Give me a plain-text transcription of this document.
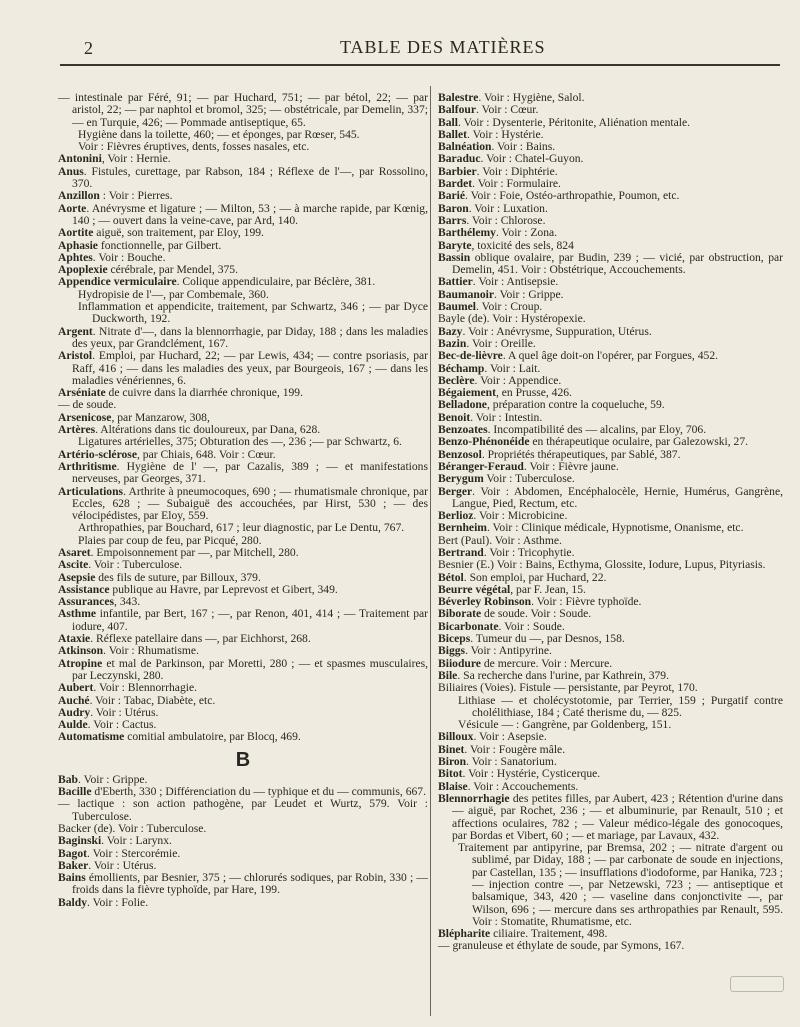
2	TABLE DES MATIÈRES

— intestinale par Féré, 91; — par Huchard, 751; — par bétol, 22; — par aristol, 22; — par naphtol et bromol, 325; — obstétricale, par Demelin, 337; — en Turquie, 426; — Pommade antiseptique, 65.

Hygiène dans la toilette, 460; — et éponges, par Rœser, 545.

Voir : Fièvres éruptives, dents, fosses nasales, etc.

Antonini, Voir : Hernie.

Anus. Fistules, curettage, par Rabson, 184 ; Réflexe de l'—, par Rossolino, 370.

Anzillon : Voir : Pierres.

Aorte. Anévrysme et ligature ; — Milton, 53 ; — à marche rapide, par Kœnig, 140 ; — ouvert dans la veine-cave, par Ard, 140.

Aortite aiguë, son traitement, par Eloy, 199.

Aphasie fonctionnelle, par Gilbert.

Aphtes. Voir : Bouche.

Apoplexie cérébrale, par Mendel, 375.

Appendice vermiculaire. Colique appendiculaire, par Béclère, 381.

Hydropisie de l'—, par Combemale, 360.

Inflammation et appendicite, traitement, par Schwartz, 346 ; — par Dyce Duckworth, 192.

Argent. Nitrate d'—, dans la blennorrhagie, par Diday, 188 ; dans les maladies des yeux, par Grandclément, 167.

Aristol. Emploi, par Huchard, 22; — par Lewis, 434; — contre psoriasis, par Raff, 416 ; — dans les maladies des yeux, par Bourgeois, 167 ; — dans les maladies vénériennes, 6.

Arséniate de cuivre dans la diarrhée chronique, 199.

— de soude.

Arsenicose, par Manzarow, 308,

Artères. Altérations dans tic douloureux, par Dana, 628.

Ligatures artérielles, 375; Obturation des —, 236 ;— par Schwartz, 6.

Artério-sclérose, par Chiais, 648. Voir : Cœur.

Arthritisme. Hygiène de l' —, par Cazalis, 389 ; — et manifestations nerveuses, par Georges, 371.

Articulations. Arthrite à pneumocoques, 690 ; — rhumatismale chronique, par Eccles, 628 ; — Subaiguë des accouchées, par Hirst, 530 ; — des vélocipédistes, par Eloy, 559.

Arthropathies, par Bouchard, 617 ; leur diagnostic, par Le Dentu, 767.

Plaies par coup de feu, par Picqué, 280.

Asaret. Empoisonnement par —, par Mitchell, 280.

Ascite. Voir : Tuberculose.

Asepsie des fils de suture, par Billoux, 379.

Assistance publique au Havre, par Leprevost et Gibert, 349.

Assurances, 343.

Asthme infantile, par Bert, 167 ; —, par Renon, 401, 414 ; — Traitement par iodure, 407.

Ataxie. Réflexe patellaire dans —, par Eichhorst, 268.

Atkinson. Voir : Rhumatisme.

Atropine et mal de Parkinson, par Moretti, 280 ; — et spasmes musculaires, par Leczynski, 280.

Aubert. Voir : Blennorrhagie.

Auché. Voir : Tabac, Diabète, etc.

Audry. Voir : Utérus.

Aulde. Voir : Cactus.

Automatisme comitial ambulatoire, par Blocq, 469.

B

Bab. Voir : Grippe.

Bacille d'Eberth, 330 ; Différenciation du — typhique et du — communis, 667.

— lactique : son action pathogène, par Leudet et Wurtz, 579. Voir : Tuberculose.

Backer (de). Voir : Tuberculose.

Baginski. Voir : Larynx.

Bagot. Voir : Stercorémie.

Baker. Voir : Utérus.

Bains émollients, par Besnier, 375 ; — chlorurés sodiques, par Robin, 330 ; — froids dans la fièvre typhoïde, par Hare, 199.

Baldy. Voir : Folie.

Balestre. Voir : Hygiène, Salol.

Balfour. Voir : Cœur.

Ball. Voir : Dysenterie, Péritonite, Aliénation mentale.

Ballet. Voir : Hystérie.

Balnéation. Voir : Bains.

Baraduc. Voir : Chatel-Guyon.

Barbier. Voir : Diphtérie.

Bardet. Voir : Formulaire.

Barié. Voir : Foie, Ostéo-arthropathie, Poumon, etc.

Baron. Voir : Luxation.

Barrs. Voir : Chlorose.

Barthélemy. Voir : Zona.

Baryte, toxicité des sels, 824

Bassin oblique ovalaire, par Budin, 239 ; — vicié, par obstruction, par Demelin, 451. Voir : Obstétrique, Accouchements.

Battier. Voir : Antisepsie.

Baumanoir. Voir : Grippe.

Baumel. Voir : Croup.

Bayle (de). Voir : Hystéropexie.

Bazy. Voir : Anévrysme, Suppuration, Utérus.

Bazin. Voir : Oreille.

Bec-de-lièvre. A quel âge doit-on l'opérer, par Forgues, 452.

Béchamp. Voir : Lait.

Beclère. Voir : Appendice.

Bégaiement, en Prusse, 426.

Belladone, préparation contre la coqueluche, 59.

Benoit. Voir : Intestin.

Benzoates. Incompatibilité des — alcalins, par Eloy, 706.

Benzo-Phénonéide en thérapeutique oculaire, par Galezowski, 27.

Benzosol. Propriétés thérapeutiques, par Sablé, 387.

Béranger-Feraud. Voir : Fièvre jaune.

Berygum Voir : Tuberculose.

Berger. Voir : Abdomen, Encéphalocèle, Hernie, Humérus, Gangrène, Langue, Pied, Rectum, etc.

Berlioz. Voir : Microbicine.

Bernheim. Voir : Clinique médicale, Hypnotisme, Onanisme, etc.

Bert (Paul). Voir : Asthme.

Bertrand. Voir : Tricophytie.

Besnier (E.) Voir : Bains, Ecthyma, Glossite, Iodure, Lupus, Pityriasis.

Bétol. Son emploi, par Huchard, 22.

Beurre végétal, par F. Jean, 15.

Béverley Robinson. Voir : Fièvre typhoïde.

Biborate de soude. Voir : Soude.

Bicarbonate. Voir : Soude.

Biceps. Tumeur du —, par Desnos, 158.

Biggs. Voir : Antipyrine.

Biiodure de mercure. Voir : Mercure.

Bile. Sa recherche dans l'urine, par Kathrein, 379.

Biliaires (Voies). Fistule — persistante, par Peyrot, 170.

Lithiase — et cholécystotomie, par Terrier, 159 ; Purgatif contre cholélithiase, 184 ; Caté therisme du, — 825.

Vésicule — : Gangrène, par Goldenberg, 151.

Billoux. Voir : Asepsie.

Binet. Voir : Fougère mâle.

Biron. Voir : Sanatorium.

Bitot. Voir : Hystérie, Cysticerque.

Blaise. Voir : Accouchements.

Blennorrhagie des petites filles, par Aubert, 423 ; Rétention d'urine dans — aiguë, par Rochet, 236 ; — et albuminurie, par Renault, 510 ; et affections oculaires, 782 ; — Valeur médico-légale des gonocoques, par Bordas et Vibert, 60 ; — et mariage, par Lavaux, 432.

Traitement par antipyrine, par Bremsa, 202 ; — nitrate d'argent ou sublimé, par Diday, 188 ; — par carbonate de soude en injections, par Castellan, 135 ; — insufflations d'iodoforme, par Hanika, 723 ; — injection contre —, par Netzewski, 723 ; — antiseptique et balsamique, 343, 420 ; — vaseline dans conjonctivite —, par Wilson, 696 ; — mercure dans ses arthropathies par Renault, 595. Voir : Stomatite, Rhumatisme, etc.

Blépharite ciliaire. Traitement, 498.

— granuleuse et éthylate de soude, par Symons, 167.
